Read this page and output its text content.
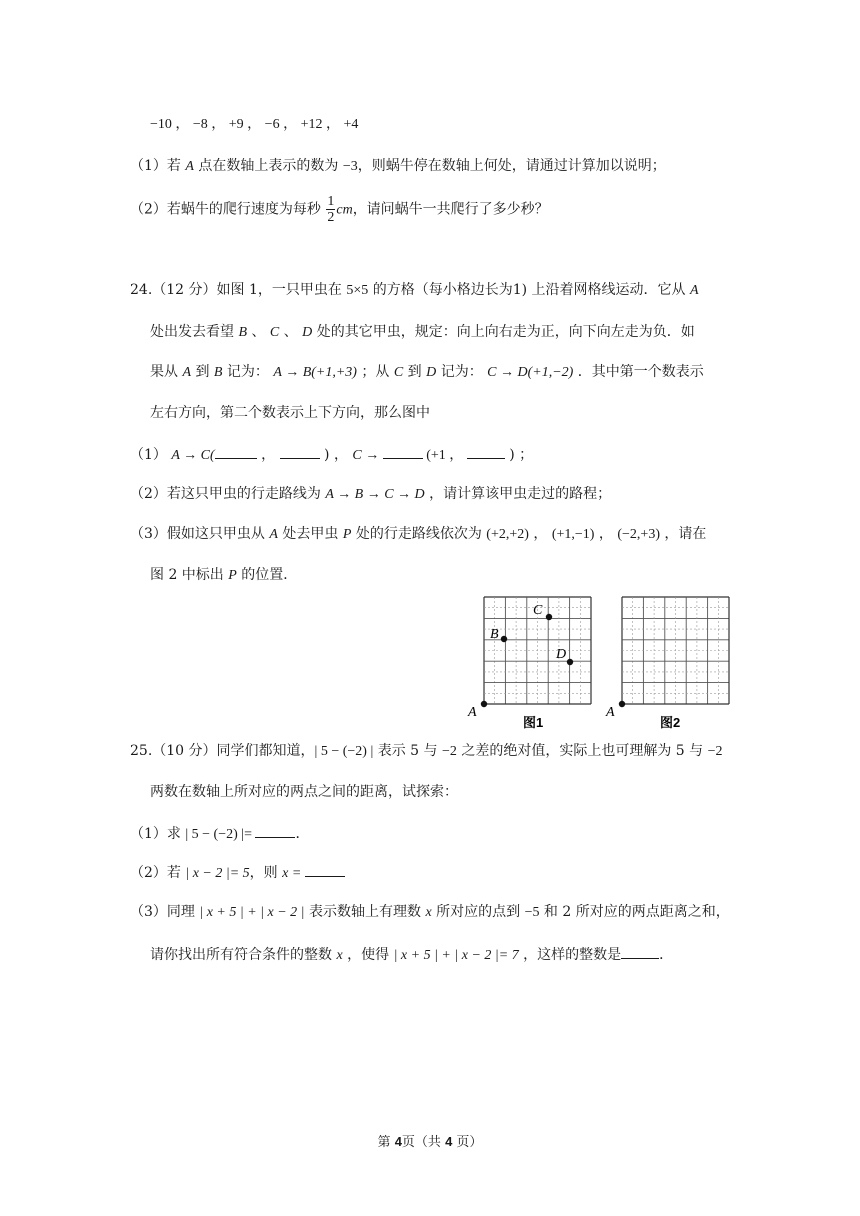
−10 ， −8 ， +9 ， −6 ， +12 ， +4
（1）若 A 点在数轴上表示的数为 −3，则蜗牛停在数轴上何处，请通过计算加以说明；
（2）若蜗牛的爬行速度为每秒 $\frac{1}{2}$ cm，请问蜗牛一共爬行了多少秒？
24.（12 分）如图 1，一只甲虫在 5×5 的方格（每小格边长为1) 上沿着网格线运动．它从 A
处出发去看望 B 、 C 、 D 处的其它甲虫，规定：向上向右走为正，向下向左走为负．如
果从 A 到 B 记为： A → B(+1,+3) ；从 C 到 D 记为： C → D(+1,−2) ．其中第一个数表示
左右方向，第二个数表示上下方向，那么图中
（1） A → C(	，	) ， C →	(+1 ，	) ；
（2）若这只甲虫的行走路线为 A → B → C → D ，请计算该甲虫走过的路程；
（3）假如这只甲虫从 A 处去甲虫 P 处的行走路线依次为 (+2,+2) ， (+1,−1) ， (−2,+3) ，请在
图 2 中标出 P 的位置．
A
B
C
D
图1
A
图2
25.（10 分）同学们都知道，| 5 − (−2) | 表示 5 与 −2 之差的绝对值，实际上也可理解为 5 与 −2
两数在数轴上所对应的两点之间的距离，试探索：
（1）求 | 5 − (−2) |=	．
（2）若 | x − 2 |= 5，则 x =
（3）同理 | x + 5 | + | x − 2 | 表示数轴上有理数 x 所对应的点到 −5 和 2 所对应的两点距离之和，
请你找出所有符合条件的整数 x ，使得 | x + 5 | + | x − 2 |= 7 ，这样的整数是	．
第 4页（共 4 页）
